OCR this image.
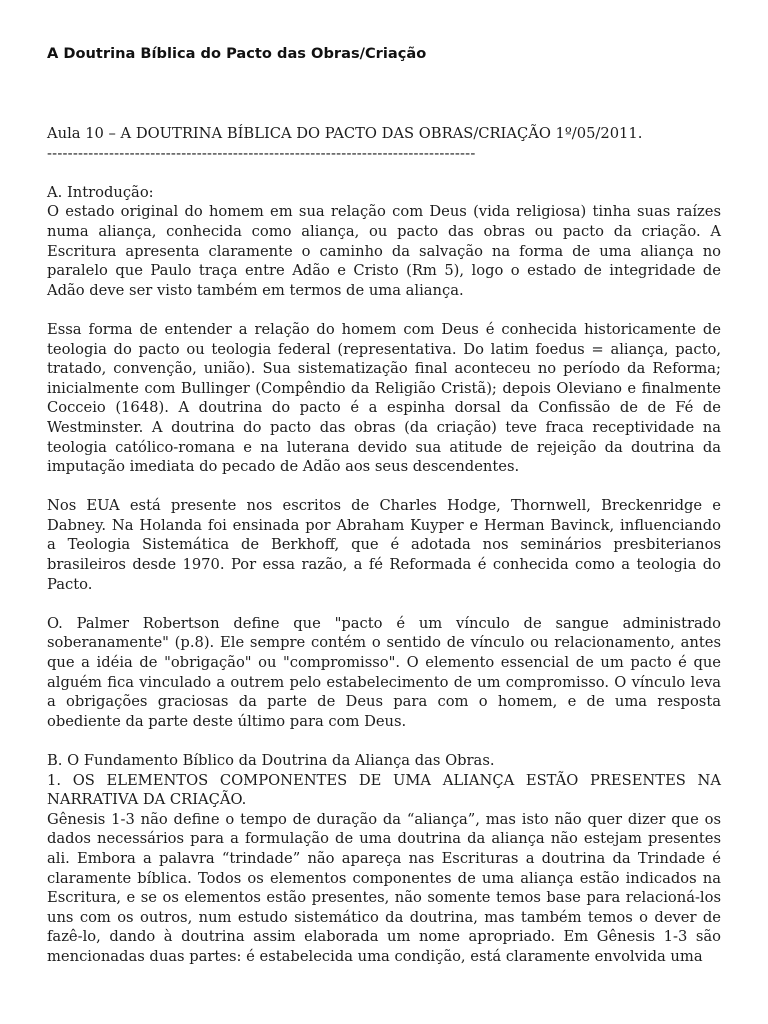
A Doutrina Bíblica do Pacto das Obras/Criação
Aula 10 – A DOUTRINA BÍBLICA DO PACTO DAS OBRAS/CRIAÇÃO 1º/05/2011.
-----------------------------------------------------------------------------------
A. Introdução:

O estado original do homem em sua relação com Deus (vida religiosa) tinha suas raízes numa aliança, conhecida como aliança, ou pacto das obras ou pacto da criação. A Escritura apresenta claramente o caminho da salvação na forma de uma aliança no paralelo que Paulo traça entre Adão e Cristo (Rm 5), logo o estado de integridade de Adão deve ser visto também em termos de uma aliança.

Essa forma de entender a relação do homem com Deus é conhecida historicamente de teologia do pacto ou teologia federal (representativa. Do latim foedus = aliança, pacto, tratado, convenção, união). Sua sistematização final aconteceu no período da Reforma; inicialmente com Bullinger (Compêndio da Religião Cristã); depois Oleviano e finalmente Cocceio (1648). A doutrina do pacto é a espinha dorsal da Confissão de de Fé de Westminster. A doutrina do pacto das obras (da criação) teve fraca receptividade na teologia católico-romana e na luterana devido sua atitude de rejeição da doutrina da imputação imediata do pecado de Adão aos seus descendentes.

Nos EUA está presente nos escritos de Charles Hodge, Thornwell, Breckenridge e Dabney. Na Holanda foi ensinada por Abraham Kuyper e Herman Bavinck, influenciando a Teologia Sistemática de Berkhoff, que é adotada nos seminários presbiterianos brasileiros desde 1970. Por essa razão, a fé Reformada é conhecida como a teologia do Pacto.

O. Palmer Robertson define que "pacto é um vínculo de sangue administrado soberanamente" (p.8). Ele sempre contém o sentido de vínculo ou relacionamento, antes que a idéia de "obrigação" ou "compromisso". O elemento essencial de um pacto é que alguém fica vinculado a outrem pelo estabelecimento de um compromisso. O vínculo leva a obrigações graciosas da parte de Deus para com o homem, e de uma resposta obediente da parte deste último para com Deus.

B. O Fundamento Bíblico da Doutrina da Aliança das Obras.

1. OS ELEMENTOS COMPONENTES DE UMA ALIANÇA ESTÃO PRESENTES NA NARRATIVA DA CRIAÇÃO.

Gênesis 1-3 não define o tempo de duração da “aliança”, mas isto não quer dizer que os dados necessários para a formulação de uma doutrina da aliança não estejam presentes ali. Embora a palavra “trindade” não apareça nas Escrituras a doutrina da Trindade é claramente bíblica. Todos os elementos componentes de uma aliança estão indicados na Escritura, e se os elementos estão presentes, não somente temos base para relacioná-los uns com os outros, num estudo sistemático da doutrina, mas também temos o dever de fazê-lo, dando à doutrina assim elaborada um nome apropriado. Em Gênesis 1-3 são mencionadas duas partes: é estabelecida uma condição, está claramente envolvida uma
